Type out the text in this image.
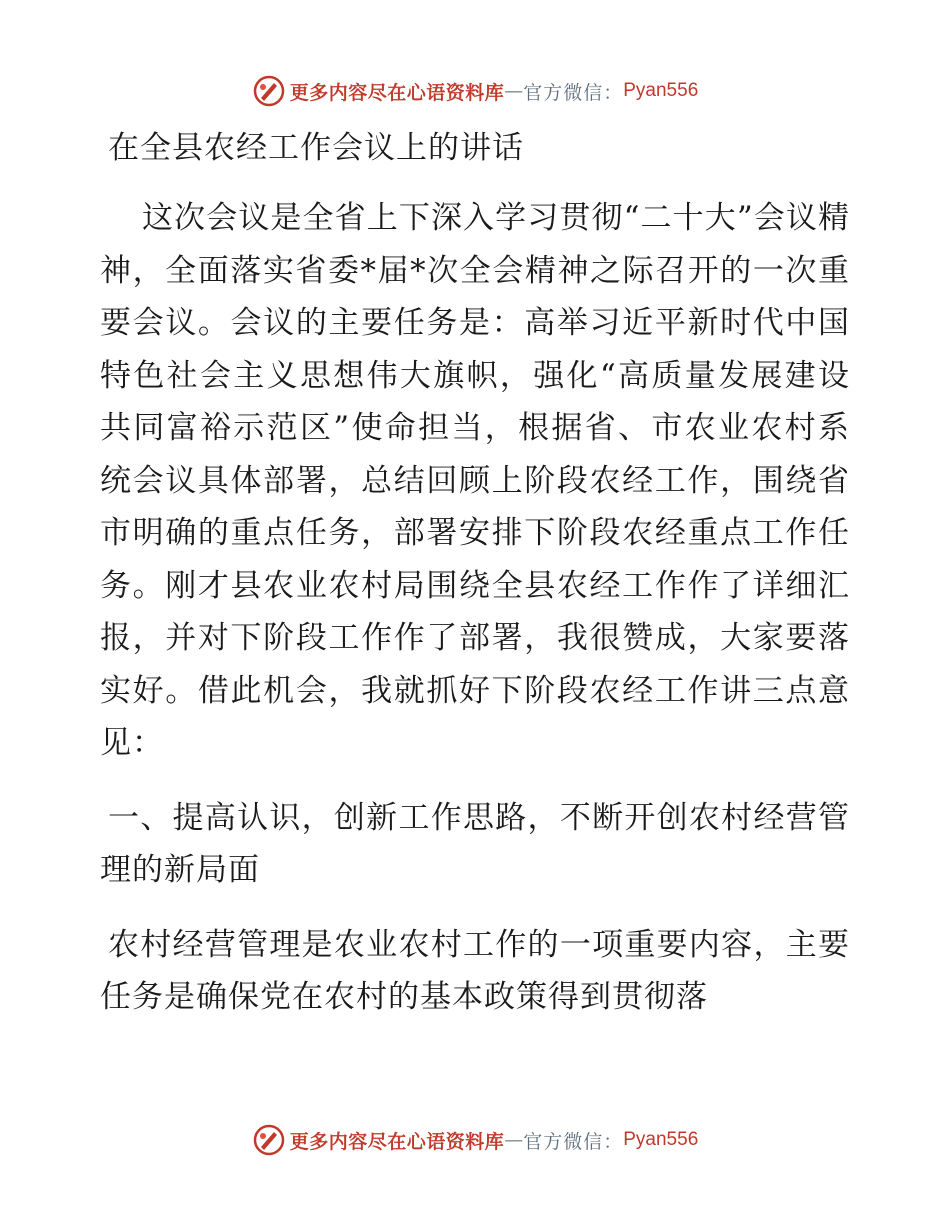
更多内容尽在心语资料库 — 官方微信： Pyan556
在全县农经工作会议上的讲话

这次会议是全省上下深入学习贯彻“二十大”会议精神，全面落实省委*届*次全会精神之际召开的一次重要会议。会议的主要任务是：高举习近平新时代中国特色社会主义思想伟大旗帜，强化“高质量发展建设共同富裕示范区”使命担当，根据省、市农业农村系统会议具体部署，总结回顾上阶段农经工作，围绕省市明确的重点任务，部署安排下阶段农经重点工作任务。刚才县农业农村局围绕全县农经工作作了详细汇报，并对下阶段工作作了部署，我很赞成，大家要落实好。借此机会，我就抓好下阶段农经工作讲三点意见：

一、提高认识，创新工作思路，不断开创农村经营管理的新局面

农村经营管理是农业农村工作的一项重要内容，主要任务是确保党在农村的基本政策得到贯彻落

更多内容尽在心语资料库 — 官方微信： Pyan556
